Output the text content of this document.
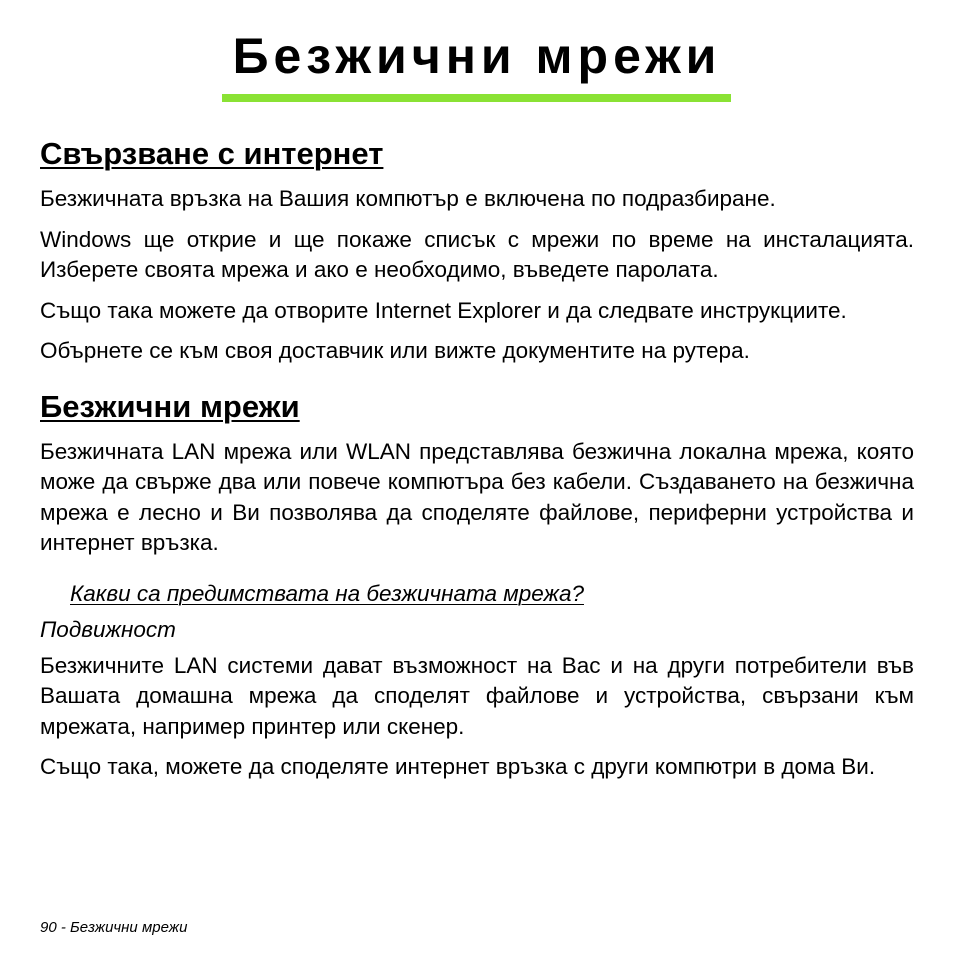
Безжични мрежи
Свързване с интернет

Безжичната връзка на Вашия компютър е включена по подразбиране.

Windows ще открие и ще покаже списък с мрежи по време на инсталацията. Изберете своята мрежа и ако е необходимо, въведете паролата.

Също така можете да отворите Internet Explorer и да следвате инструкциите.

Обърнете се към своя доставчик или вижте документите на рутера.

Безжични мрежи

Безжичната LAN мрежа или WLAN представлява безжична локална мрежа, която може да свърже два или повече компютъра без кабели. Създаването на безжична мрежа е лесно и Ви позволява да споделяте файлове, периферни устройства и интернет връзка.

Какви са предимствата на безжичната мрежа?
Подвижност

Безжичните LAN системи дават възможност на Вас и на други потребители във Вашата домашна мрежа да споделят файлове и устройства, свързани към мрежата, например принтер или скенер.

Също така, можете да споделяте интернет връзка с други компютри в дома Ви.

90 - Безжични мрежи
